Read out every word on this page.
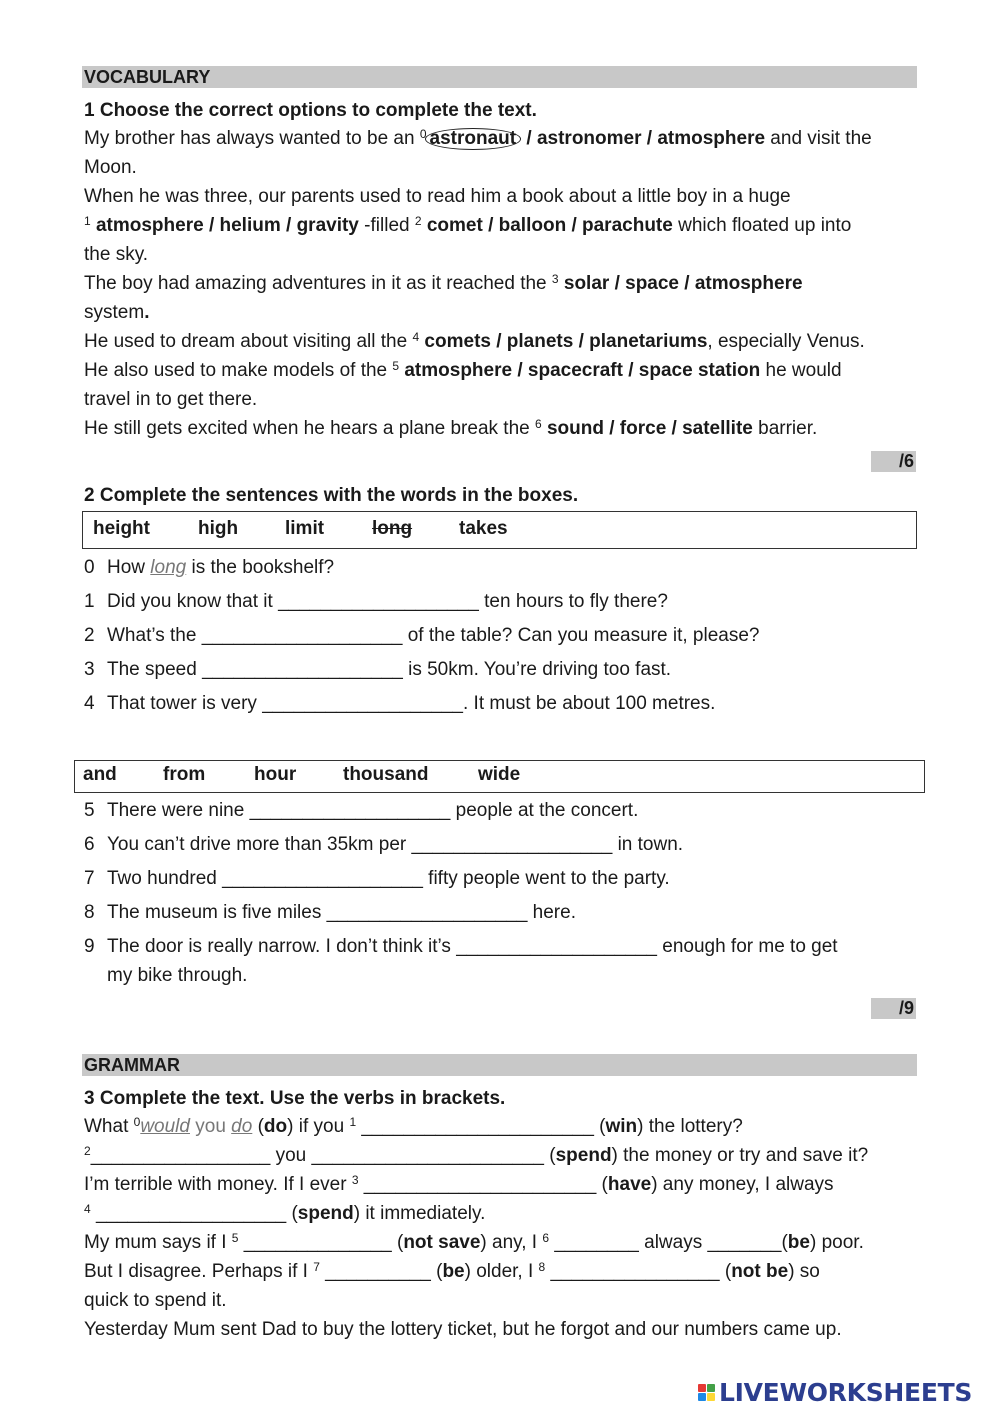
VOCABULARY
1 Choose the correct options to complete the text.
My brother has always wanted to be an $^0$ astronaut / astronomer / atmosphere and visit the
Moon.
When he was three, our parents used to read him a book about a little boy in a huge
$^1$ atmosphere / helium / gravity -filled $^2$ comet / balloon / parachute which floated up into
the sky.
The boy had amazing adventures in it as it reached the $^3$ solar / space / atmosphere
system.
He used to dream about visiting all the $^4$ comets / planets / planetariums, especially Venus.
He also used to make models of the $^5$ atmosphere / spacecraft / space station he would
travel in to get there.
He still gets excited when he hears a plane break the $^6$ sound / force / satellite barrier.
/6
2 Complete the sentences with the words in the boxes.
height	high limit	long takes
0 How long is the bookshelf?
1 Did you know that it ___________________ ten hours to fly there?
2 What’s the ___________________ of the table? Can you measure it, please?
3 The speed ___________________ is 50km. You’re driving too fast.
4 That tower is very ___________________. It must be about 100 metres.
and from	hour thousand	wide
5 There were nine ___________________ people at the concert.
6 You can’t drive more than 35km per ___________________ in town.
7 Two hundred ___________________ fifty people went to the party.
8 The museum is five miles ___________________ here.
9 The door is really narrow. I don’t think it’s ___________________ enough for me to get
my bike through.
/9
GRAMMAR
3 Complete the text. Use the verbs in brackets.
What $^0$would you do (do) if you $^1$ ______________________ (win) the lottery?
$^2$_________________ you ______________________ (spend) the money or try and save it?
I’m terrible with money. If I ever $^3$ ______________________ (have) any money, I always
$^4$ __________________ (spend) it immediately.
My mum says if I $^5$ ______________ (not save) any, I $^6$ ________ always _______(be) poor.
But I disagree. Perhaps if I $^7$ __________ (be) older, I $^8$ ________________ (not be) so
quick to spend it.
Yesterday Mum sent Dad to buy the lottery ticket, but he forgot and our numbers came up.
LIVEWORKSHEETS
